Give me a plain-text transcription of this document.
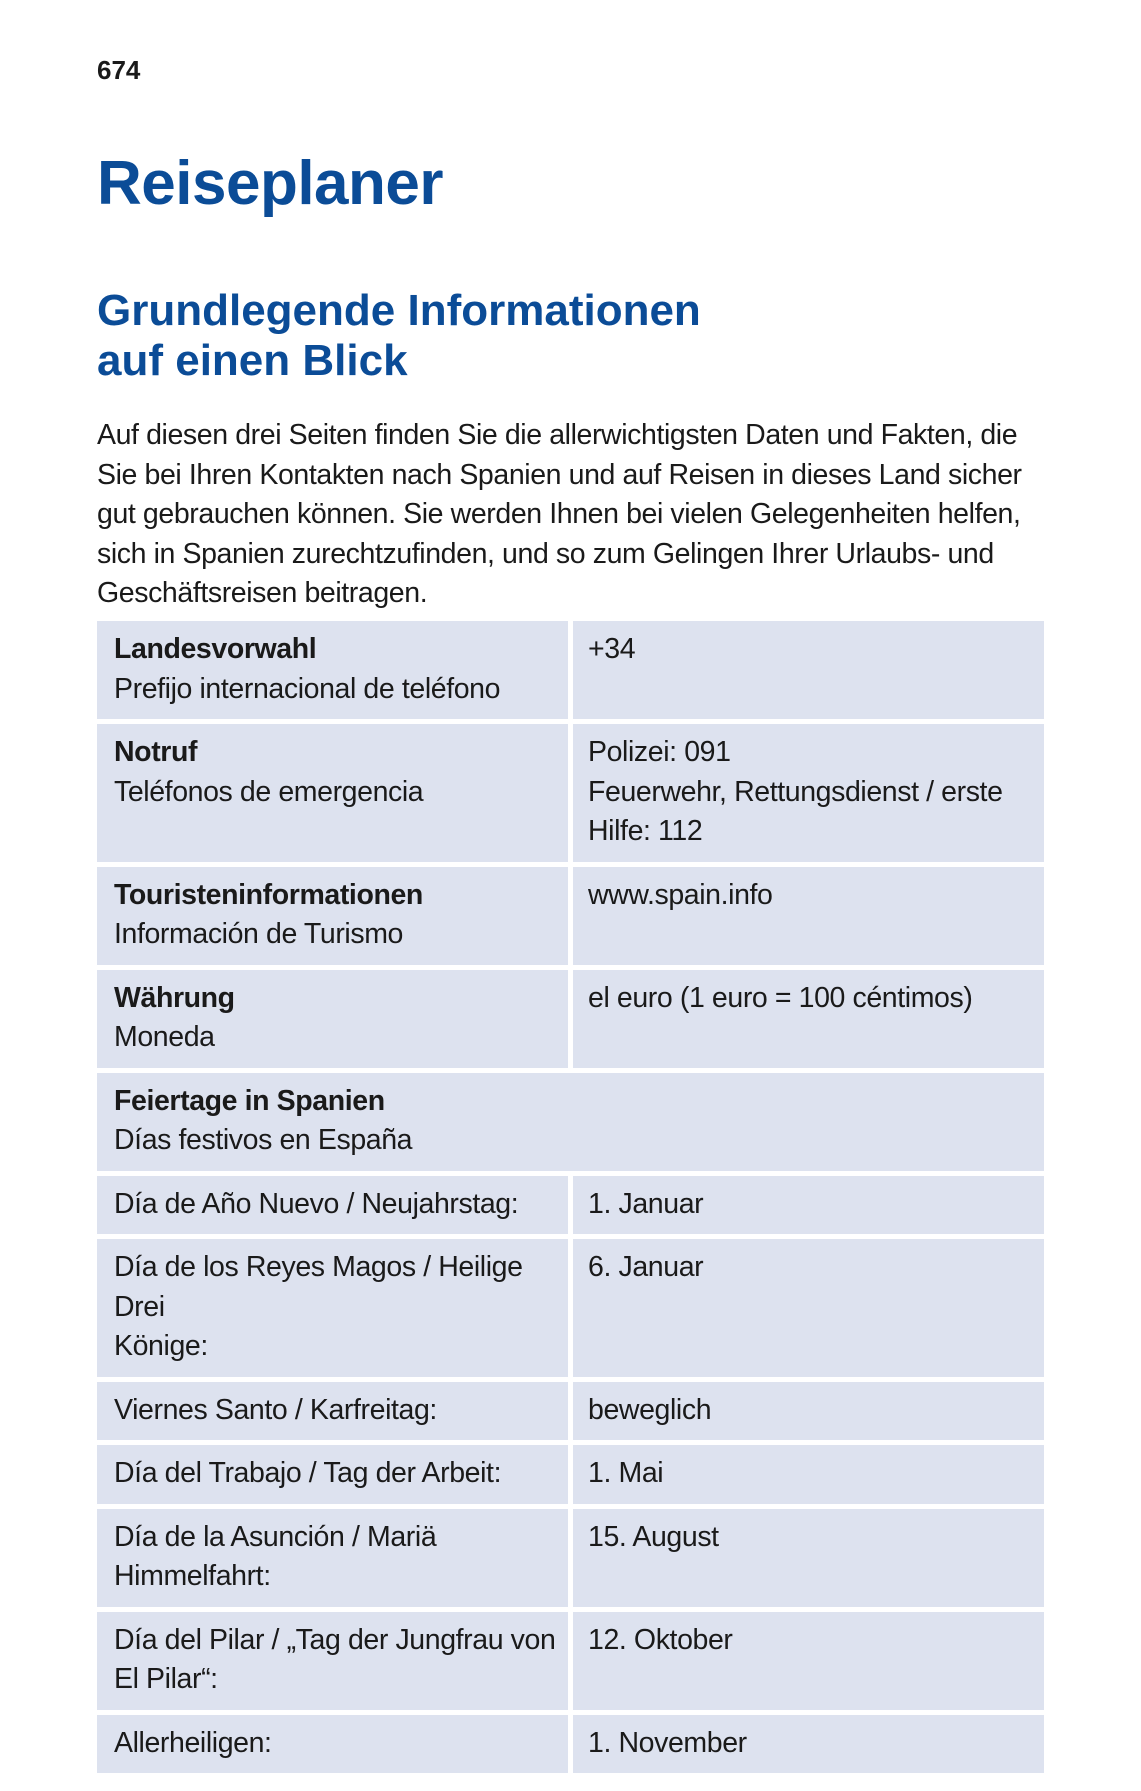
674
Reiseplaner
Grundlegende Informationen
auf einen Blick

Auf diesen drei Seiten finden Sie die allerwichtigsten Daten und Fakten, die Sie bei Ihren Kontakten nach Spanien und auf Reisen in dieses Land sicher gut gebrauchen können. Sie werden Ihnen bei vielen Gelegenheiten helfen, sich in Spanien zurechtzufinden, und so zum Gelingen Ihrer Urlaubs- und Geschäftsreisen beitragen.

Landesvorwahl
Prefijo internacional de teléfono	+34

Notruf
Teléfonos de emergencia	Polizei: 091
Feuerwehr, Rettungsdienst / erste Hilfe: 112

Touristeninformationen
Información de Turismo	www.spain.info

Währung
Moneda	el euro (1 euro = 100 céntimos)

Feiertage in Spanien
Días festivos en España	

Día de Año Nuevo / Neujahrstag:	1. Januar

Día de los Reyes Magos / Heilige Drei
Könige:	6. Januar

Viernes Santo / Karfreitag:	beweglich

Día del Trabajo / Tag der Arbeit:	1. Mai

Día de la Asunción / Mariä Himmelfahrt:	15. August

Día del Pilar / „Tag der Jungfrau von El Pilar“:	12. Oktober

Allerheiligen:	1. November
